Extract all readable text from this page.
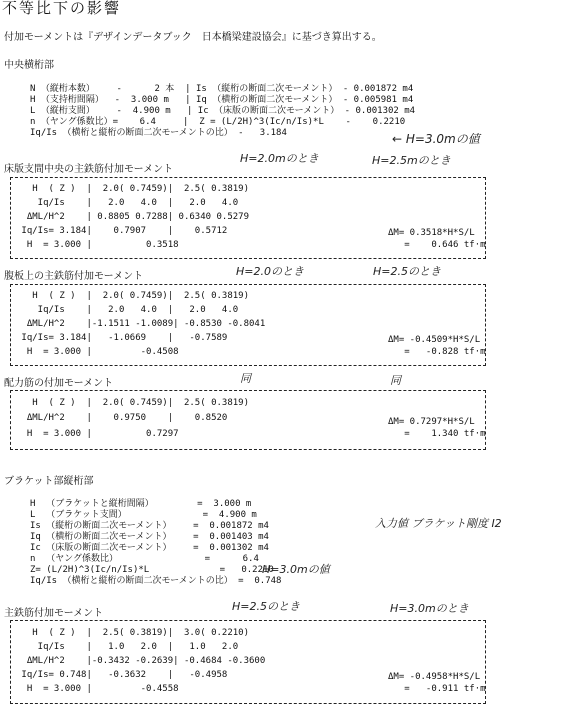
不等比下の影響
付加モーメントは『デザインデータブック　日本橋梁建設協会』に基づき算出する。
中央横桁部
N （縦桁本数）    -      2 本  | Is （縦桁の断面二次モーメント） - 0.001872 m4
H （支持桁間隔）  -  3.000 m   | Iq （横桁の断面二次モーメント） - 0.005981 m4
L （縦桁支間）    -  4.900 m   | Ic （床版の断面二次モーメント） - 0.001302 m4
n （ヤング係数比）=    6.4     |  Z = (L/2H)^3(Ic/n/Is)*L    -    0.2210
Iq/Is （横桁と縦桁の断面二次モーメントの比） -   3.184
床版支間中央の主鉄筋付加モーメント
H  ( Z )  |  2.0( 0.7459)|  2.5( 0.3819)
Iq/Is    |   2.0   4.0  |   2.0   4.0
ΔML/H^2    | 0.8805 0.7288| 0.6340 0.5279
Iq/Is= 3.184|    0.7907    |    0.5712
H  = 3.000 |          0.3518
ΔM= 0.3518*H*S/L
=    0.646 tf·m
腹板上の主鉄筋付加モーメント
H  ( Z )  |  2.0( 0.7459)|  2.5( 0.3819)
Iq/Is    |   2.0   4.0  |   2.0   4.0
ΔML/H^2    |-1.1511 -1.0089| -0.8530 -0.8041
Iq/Is= 3.184|   -1.0669    |   -0.7589
H  = 3.000 |         -0.4508
ΔM= -0.4509*H*S/L
=   -0.828 tf·m
配力筋の付加モーメント
H  ( Z )  |  2.0( 0.7459)|  2.5( 0.3819)
ΔML/H^2    |    0.9750    |    0.8520
H  = 3.000 |          0.7297
ΔM= 0.7297*H*S/L
=    1.340 tf·m
ブラケット部縦桁部
H  （ブラケットと縦桁間隔）        =  3.000 m
L  （ブラケット支間）              =  4.900 m
Is （縦桁の断面二次モーメント）    =  0.001872 m4
Iq （横桁の断面二次モーメント）    =  0.001403 m4
Ic （床版の断面二次モーメント）    =  0.001302 m4
n  （ヤング係数比）                =      6.4
Z= (L/2H)^3(Ic/n/Is)*L             =   0.2210
Iq/Is （横桁と縦桁の断面二次モーメントの比） =  0.748
主鉄筋付加モーメント
H  ( Z )  |  2.5( 0.3819)|  3.0( 0.2210)
Iq/Is    |   1.0   2.0  |   1.0   2.0
ΔML/H^2    |-0.3432 -0.2639| -0.4684 -0.3600
Iq/Is= 0.748|   -0.3632    |   -0.4958
H  = 3.000 |         -0.4558
ΔM= -0.4958*H*S/L
=   -0.911 tf·m
H=2.0mのとき	H=2.5mのとき
← H=3.0mの値
H=2.0のとき	H=2.5のとき
同	同
入力値 ブラケット剛度 I2
H=3.0mの値
H=2.5のとき	H=3.0mのとき
